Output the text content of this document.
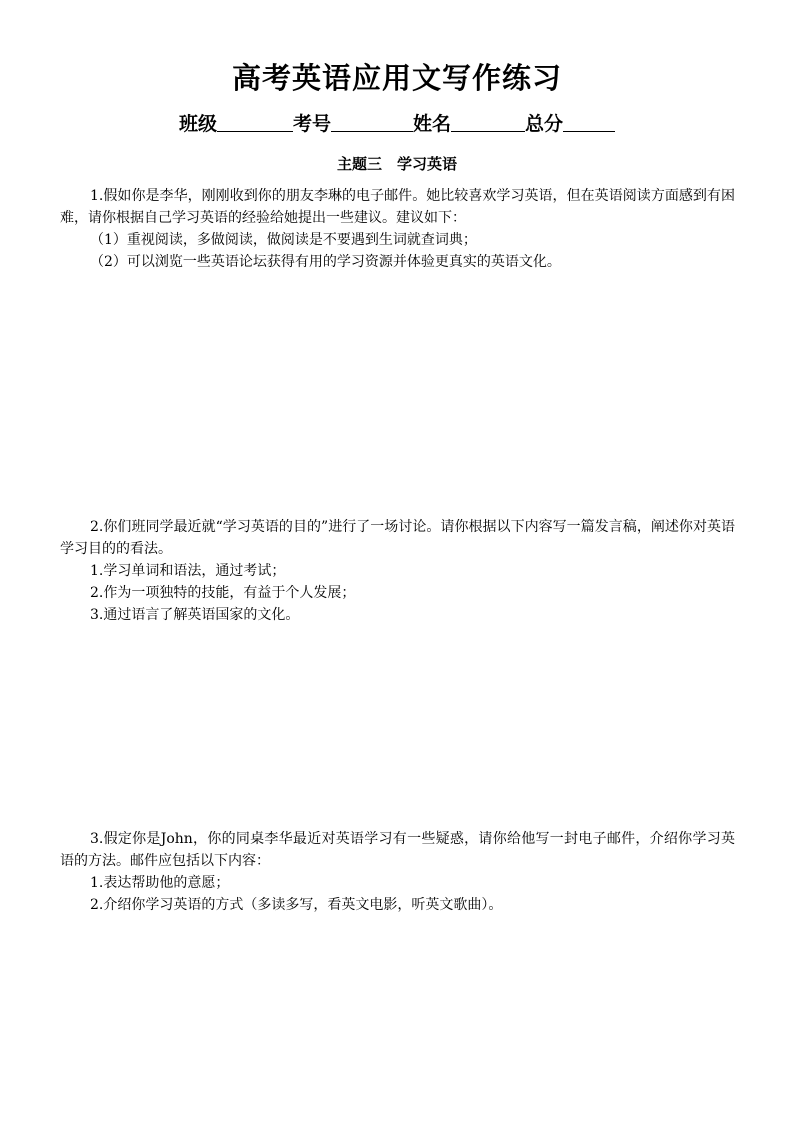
高考英语应用文写作练习
班级	考号	姓名	总分
主题三　学习英语

1.假如你是李华，刚刚收到你的朋友李琳的电子邮件。她比较喜欢学习英语，但在英语阅读方面感到有困难，请你根据自己学习英语的经验给她提出一些建议。建议如下：

（1）重视阅读，多做阅读，做阅读是不要遇到生词就查词典；

（2）可以浏览一些英语论坛获得有用的学习资源并体验更真实的英语文化。

2.你们班同学最近就“学习英语的目的”进行了一场讨论。请你根据以下内容写一篇发言稿，阐述你对英语学习目的的看法。

1.学习单词和语法，通过考试；

2.作为一项独特的技能，有益于个人发展；

3.通过语言了解英语国家的文化。

3.假定你是John，你的同桌李华最近对英语学习有一些疑惑，请你给他写一封电子邮件，介绍你学习英语的方法。邮件应包括以下内容：

1.表达帮助他的意愿；

2.介绍你学习英语的方式（多读多写，看英文电影，听英文歌曲）。
